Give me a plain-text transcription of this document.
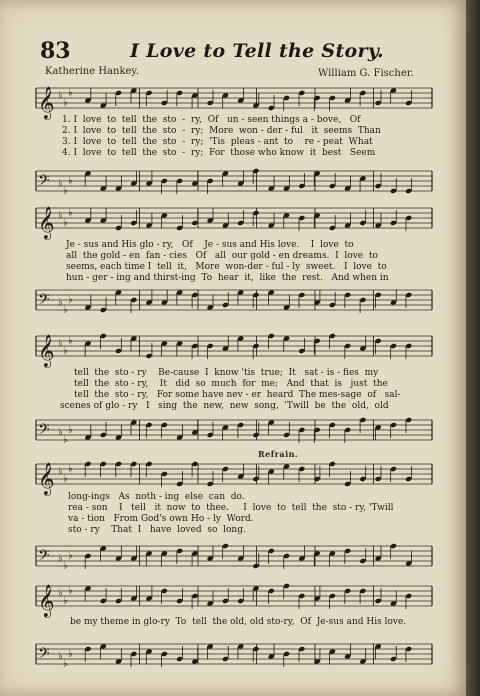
83	I Love to Tell the Story.
Katherine Hankey.	William G. Fischer.
Refrain.
𝄞 ♭
♭
♭
𝄢 ♭
♭
♭
𝄞 ♭
♭
♭
𝄢 ♭
♭
♭
𝄞 ♭
♭
♭
𝄢 ♭
♭
♭
𝄞 ♭
♭
♭
𝄢 ♭
♭
♭
𝄞 ♭
♭
♭
𝄢 ♭
♭
♭

1. I  love  to  tell  the  sto  -  ry,  Of   un - seen things a - bove,   Of

2. I  love  to  tell  the  sto  -  ry;  More  won - der - ful   it  seems  Than

3. I  love  to  tell  the  sto  -  ry;  'Tis  pleas - ant  to    re - peat  What

4. I  love  to  tell  the  sto  -  ry;  For  those who know  it  best   Seem

Je - sus and His glo - ry,   Of    Je - sus and His love.    I  love  to

all  the gold - en  fan - cies   Of   all  our gold - en dreams.  I  love  to

seems, each time I  tell  it,   More  won-der - ful - ly  sweet.   I  love  to

hun - ger - ing and thirst-ing  To  hear  it,  like  the  rest.   And when in

tell  the  sto - ry    Be-cause  I  know 'tis  true;  It   sat - is - fies  my

tell  the  sto - ry,    It   did  so  much  for  me;   And  that  is   just  the

tell  the  sto - ry,   For some have nev - er  heard  The mes-sage  of   sal-

scenes of glo - ry   I   sing  the  new,  new  song,  'Twill  be  the  old,  old

long-ings   As  noth - ing  else  can  do.

rea - son    I   tell   it  now  to  thee.     I  love  to  tell  the  sto - ry, 'Twill

va - tion   From God's own Ho - ly  Word.

sto - ry    That  I   have  loved  so  long.

be my theme in glo-ry  To  tell  the old, old sto-ry,  Of  Je-sus and His love.
